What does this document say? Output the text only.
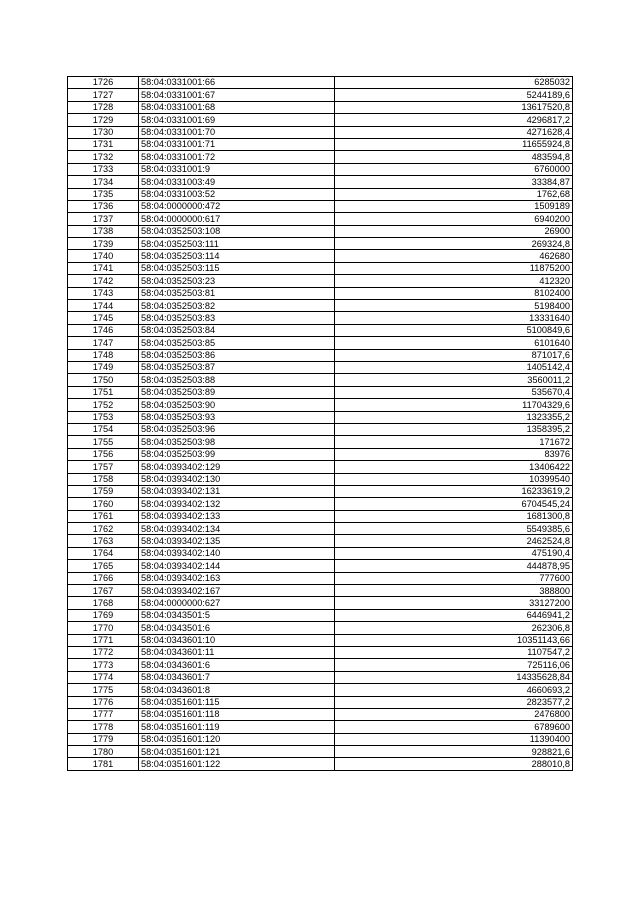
1726	58:04:0331001:66	6285032
1727	58:04:0331001:67	5244189,6
1728	58:04:0331001:68	13617520,8
1729	58:04:0331001:69	4296817,2
1730	58:04:0331001:70	4271628,4
1731	58:04:0331001:71	11655924,8
1732	58:04:0331001:72	483594,8
1733	58:04:0331001:9	6760000
1734	58:04:0331003:49	33384,87
1735	58:04:0331003:52	1762,68
1736	58:04:0000000:472	1509189
1737	58:04:0000000:617	6940200
1738	58:04:0352503:108	26900
1739	58:04:0352503:111	269324,8
1740	58:04:0352503:114	462680
1741	58:04:0352503:115	11875200
1742	58:04:0352503:23	412320
1743	58:04:0352503:81	8102400
1744	58:04:0352503:82	5198400
1745	58:04:0352503:83	13331640
1746	58:04:0352503:84	5100849,6
1747	58:04:0352503:85	6101640
1748	58:04:0352503:86	871017,6
1749	58:04:0352503:87	1405142,4
1750	58:04:0352503:88	3560011,2
1751	58:04:0352503:89	535670,4
1752	58:04:0352503:90	11704329,6
1753	58:04:0352503:93	1323355,2
1754	58:04:0352503:96	1358395,2
1755	58:04:0352503:98	171672
1756	58:04:0352503:99	83976
1757	58:04:0393402:129	13406422
1758	58:04:0393402:130	10399540
1759	58:04:0393402:131	16233619,2
1760	58:04:0393402:132	6704545,24
1761	58:04:0393402:133	1681300,8
1762	58:04:0393402:134	5549385,6
1763	58:04:0393402:135	2462524,8
1764	58:04:0393402:140	475190,4
1765	58:04:0393402:144	444878,95
1766	58:04:0393402:163	777600
1767	58:04:0393402:167	388800
1768	58:04:0000000:627	33127200
1769	58:04:0343501:5	6446941,2
1770	58:04:0343501:6	262306,8
1771	58:04:0343601:10	10351143,66
1772	58:04:0343601:11	1107547,2
1773	58:04:0343601:6	725116,06
1774	58:04:0343601:7	14335628,84
1775	58:04:0343601:8	4660693,2
1776	58:04:0351601:115	2823577,2
1777	58:04:0351601:118	2476800
1778	58:04:0351601:119	6789600
1779	58:04:0351601:120	11390400
1780	58:04:0351601:121	928821,6
1781	58:04:0351601:122	288010,8
